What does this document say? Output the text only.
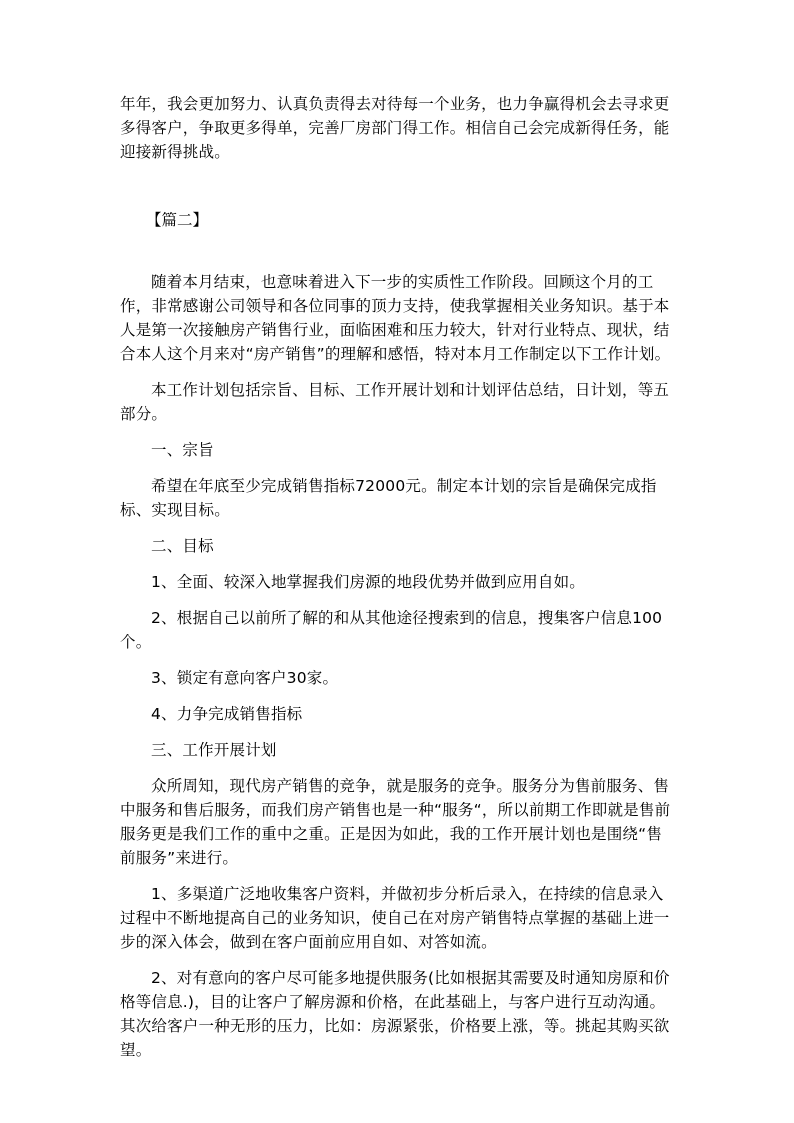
年年，我会更加努力、认真负责得去对待每一个业务，也力争赢得机会去寻求更多得客户，争取更多得单，完善厂房部门得工作。相信自己会完成新得任务，能迎接新得挑战。

【篇二】

随着本月结束，也意味着进入下一步的实质性工作阶段。回顾这个月的工作，非常感谢公司领导和各位同事的顶力支持，使我掌握相关业务知识。基于本人是第一次接触房产销售行业，面临困难和压力较大，针对行业特点、现状，结合本人这个月来对“房产销售”的理解和感悟，特对本月工作制定以下工作计划。

本工作计划包括宗旨、目标、工作开展计划和计划评估总结，日计划，等五部分。

一、宗旨

希望在年底至少完成销售指标72000元。制定本计划的宗旨是确保完成指标、实现目标。

二、目标

1、全面、较深入地掌握我们房源的地段优势并做到应用自如。

2、根据自己以前所了解的和从其他途径搜索到的信息，搜集客户信息100个。

3、锁定有意向客户30家。

4、力争完成销售指标

三、工作开展计划

众所周知，现代房产销售的竞争，就是服务的竞争。服务分为售前服务、售中服务和售后服务，而我们房产销售也是一种“服务“，所以前期工作即就是售前服务更是我们工作的重中之重。正是因为如此，我的工作开展计划也是围绕“售前服务”来进行。

1、多渠道广泛地收集客户资料，并做初步分析后录入，在持续的信息录入过程中不断地提高自己的业务知识，使自己在对房产销售特点掌握的基础上进一步的深入体会，做到在客户面前应用自如、对答如流。

2、对有意向的客户尽可能多地提供服务(比如根据其需要及时通知房原和价格等信息.)，目的让客户了解房源和价格，在此基础上，与客户进行互动沟通。其次给客户一种无形的压力，比如：房源紧张，价格要上涨，等。挑起其购买欲望。
